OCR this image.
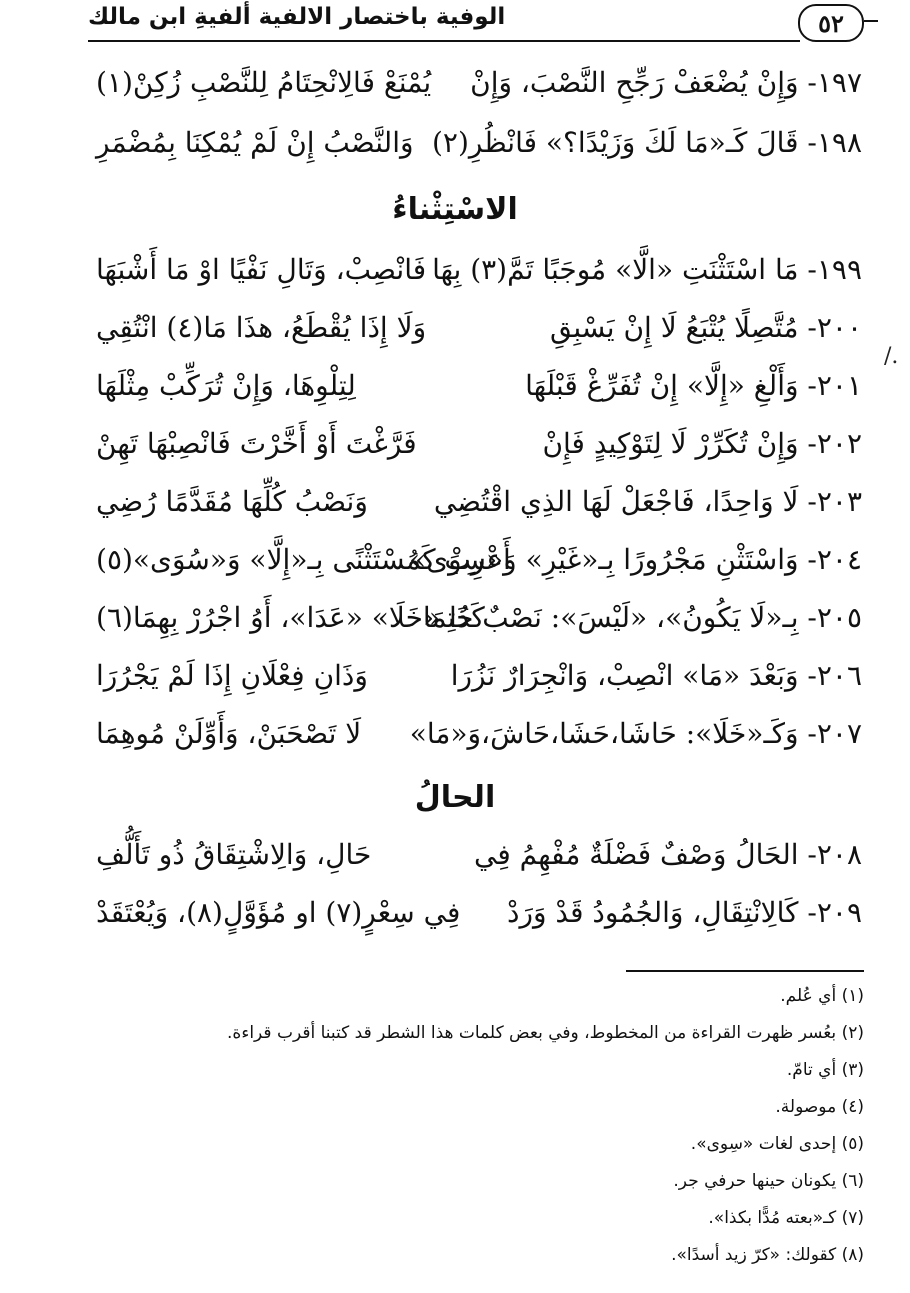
٥٢
الوفية باختصار الالفية ألفيةِ ابن مالك
١٩٧- وَإِنْ يُضْعَفْ رَجِّحِ النَّصْبَ، وَإِنْ
يُمْنَعْ فَالِانْحِتَامُ لِلنَّصْبِ زُكِنْ(١)
١٩٨- قَالَ كَـ«مَا لَكَ وَزَيْدًا؟» فَانْظُرِ(٢)
وَالنَّصْبُ إِنْ لَمْ يُمْكِنَا بِمُضْمَرِ
الاسْتِثْناءُ
١٩٩- مَا اسْتَثْنَتِ «الَّا» مُوجَبًا تَمَّ(٣) بِهَا
فَانْصِبْ، وَتَالِ نَفْيًا اوْ مَا أَشْبَهَا
٢٠٠- مُتَّصِلًا يُتْبَعُ لَا إِنْ يَسْبِقِ
وَلَا إِذَا يُقْطَعُ، هذَا مَا(٤) انْتُقِي
٢٠١- وَأَلْغِ «إِلَّا» إِنْ تُفَرِّغْ قَبْلَهَا
لِتِلْوِهَا، وَإِنْ تُرَكِّبْ مِثْلَهَا
٢٠٢- وَإِنْ تُكَرِّرْ لَا لِتَوْكِيدٍ فَإِنْ
فَرَّغْتَ أَوْ أَخَّرْتَ فَانْصِبْهَا تَهِنْ
٢٠٣- لَا وَاحِدًا، فَاجْعَلْ لَهَا الذِي اقْتُضِي
وَنَصْبُ كُلِّهَا مُقَدَّمًا رُضِي
٢٠٤- وَاسْتَثْنِ مَجْرُورًا بِـ«غَيْرِ» وَ«سِوَى»
أَعْرِبْ كَمُسْتَثْنًى بِـ«إِلَّا» وَ«سُوَى»(٥)
٢٠٥- بِـ«لَا يَكُونُ»، «لَيْسَ»: نَصْبٌ حُتِمَا
كَذَا «خَلَا» «عَدَا»، أَوُ اجْرُرْ بِهِمَا(٦)
٢٠٦- وَبَعْدَ «مَا» انْصِبْ، وَانْجِرَارٌ نَزُرَا
وَذَانِ فِعْلَانِ إِذَا لَمْ يَجْرُرَا
٢٠٧- وَكَـ«خَلَا»: حَاشَا،حَشَا،حَاشَ،وَ«مَا»
لَا تَصْحَبَنْ، وَأَوِّلَنْ مُوهِمَا
الحالُ
٢٠٨- الحَالُ وَصْفٌ فَضْلَةٌ مُفْهِمُ فِي
حَالِ، وَالِاشْتِقَاقُ ذُو تَأَلُّفِ
٢٠٩- كَالِانْتِقَالِ، وَالجُمُودُ قَدْ وَرَدْ
فِي سِعْرٍ(٧) او مُؤَوَّلٍ(٨)، وَيُعْتَقَدْ
/.
(١) أي عُلم.
(٢) بعُسر ظهرت القراءة من المخطوط، وفي بعض كلمات هذا الشطر قد كتبنا أقرب قراءة.
(٣) أي تامّ.
(٤) موصولة.
(٥) إحدى لغات «سِوى».
(٦) يكونان حينها حرفي جر.
(٧) كـ«بعته مُدًّا بكذا».
(٨) كقولك: «كرّ زيد أسدًا».
